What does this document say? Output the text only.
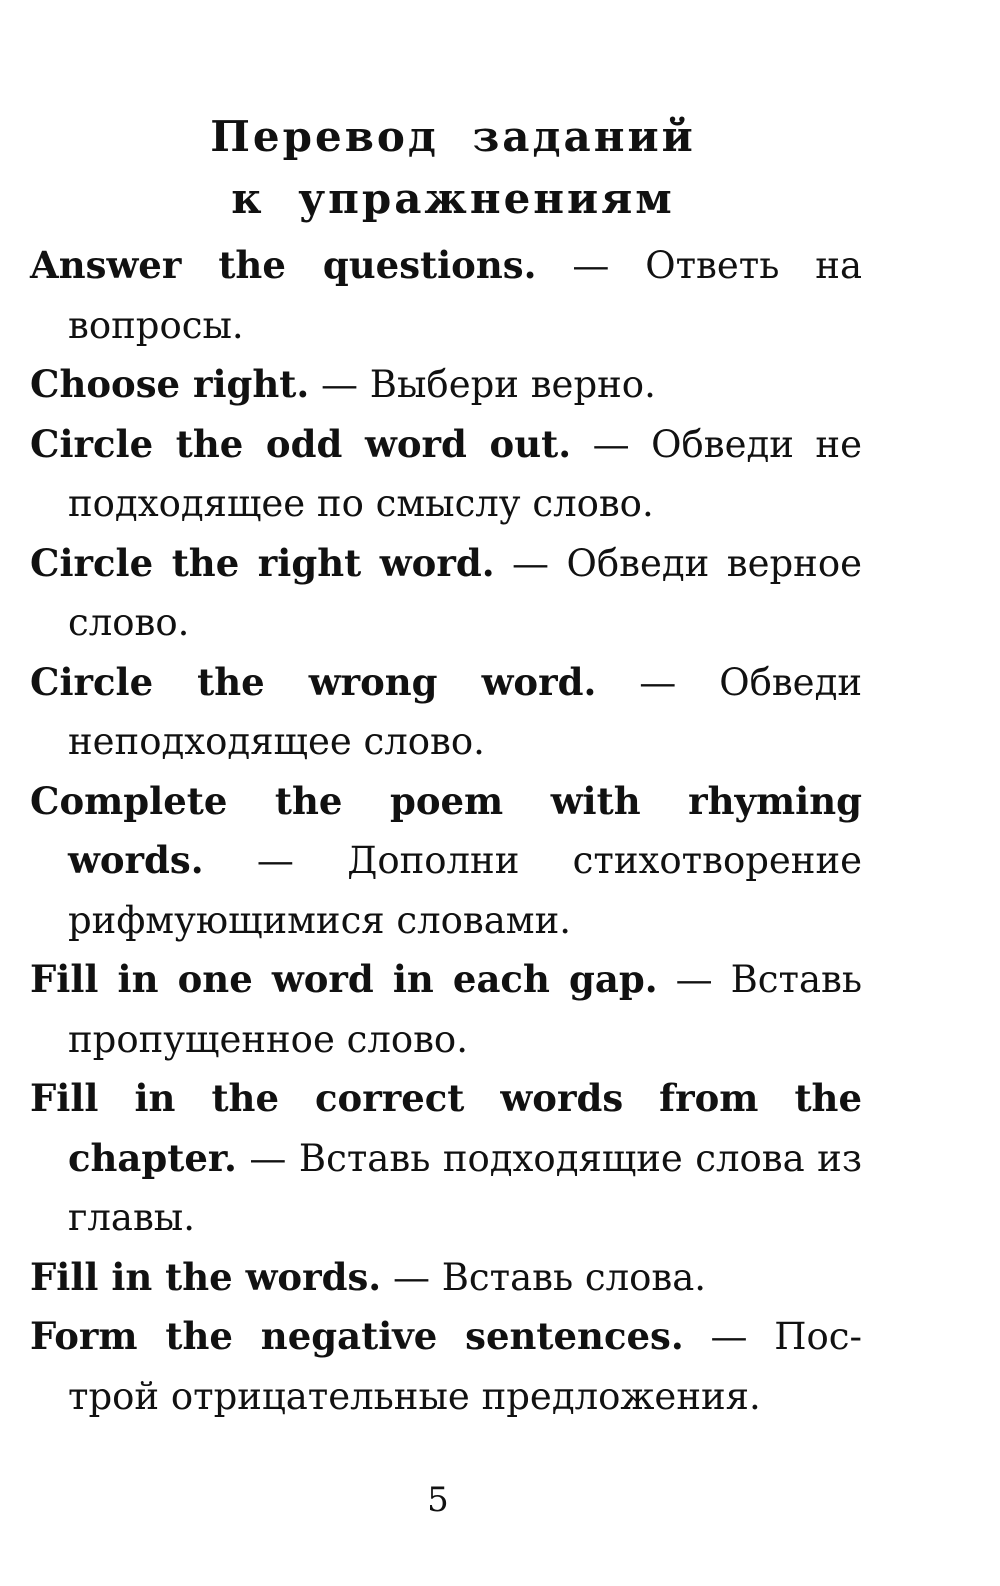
Перевод заданий
к упражнениям

Answer the questions. — Ответь на вопросы.

Choose right. — Выбери верно.

Circle the odd word out. — Обведи не подходящее по смыслу слово.

Circle the right word. — Обведи верное слово.

Circle the wrong word. — Обведи неподходящее слово.

Complete the poem with rhyming words. — Дополни стихотворение рифмующимися словами.

Fill in one word in each gap. — Вставь пропущенное слово.

Fill in the correct words from the chapter. — Вставь подходящие слова из главы.

Fill in the words. — Вставь слова.

Form the negative sentences. — Построй отрицательные предложения.

5
